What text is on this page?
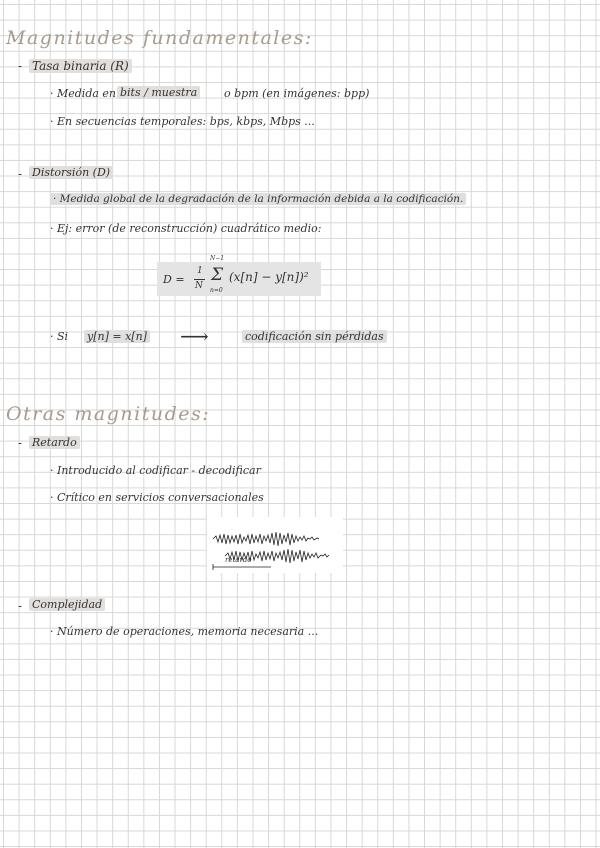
Magnitudes fundamentales:
- Tasa binaria (R)
· Medida en bits / muestra o bpm (en imágenes: bpp)
· En secuencias temporales: bps, kbps, Mbps ...
- Distorsión (D)
· Medida global de la degradación de la información debida a la codificación.
· Ej: error (de reconstrucción) cuadrático medio:
D =
1
N
N−1
Σ
n=0
(x[n] − y[n])²
· Si y[n] = x[n] ⟶	codificación sin pérdidas
Otras magnitudes:
- Retardo
· Introducido al codificar - decodificar
· Crítico en servicios conversacionales
retardo
- Complejidad
· Número de operaciones, memoria necesaria ...
